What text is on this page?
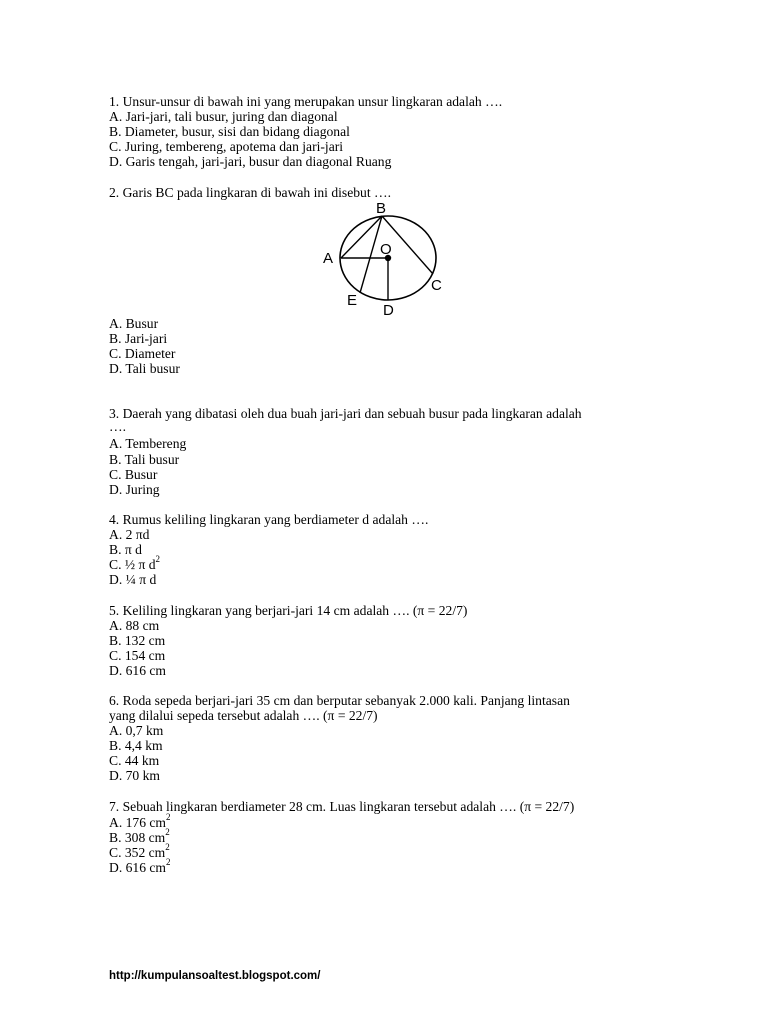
1. Unsur-unsur di bawah ini yang merupakan unsur lingkaran adalah ….
A. Jari-jari, tali busur, juring dan diagonal
B. Diameter, busur, sisi dan bidang diagonal
C. Juring, tembereng, apotema dan jari-jari
D. Garis tengah, jari-jari, busur dan diagonal Ruang
2. Garis BC pada lingkaran di bawah ini disebut ….
B
A
O
C
E
D
A. Busur
B. Jari-jari
C. Diameter
D. Tali busur
3. Daerah yang dibatasi oleh dua buah jari-jari dan sebuah busur pada lingkaran adalah
….
A. Tembereng
B. Tali busur
C. Busur
D. Juring
4. Rumus keliling lingkaran yang berdiameter d adalah ….
A. 2 πd
B. π d
C. ½ π $d^2$
D. ¼ π d
5. Keliling lingkaran yang berjari-jari 14 cm adalah …. (π = 22/7)
A. 88 cm
B. 132 cm
C. 154 cm
D. 616 cm
6. Roda sepeda berjari-jari 35 cm dan berputar sebanyak 2.000 kali. Panjang lintasan
yang dilalui sepeda tersebut adalah …. (π = 22/7)
A. 0,7 km
B. 4,4 km
C. 44 km
D. 70 km
7. Sebuah lingkaran berdiameter 28 cm. Luas lingkaran tersebut adalah …. (π = 22/7)
A. 176 $cm^2$
B. 308 $cm^2$
C. 352 $cm^2$
D. 616 $cm^2$
http://kumpulansoaltest.blogspot.com/
